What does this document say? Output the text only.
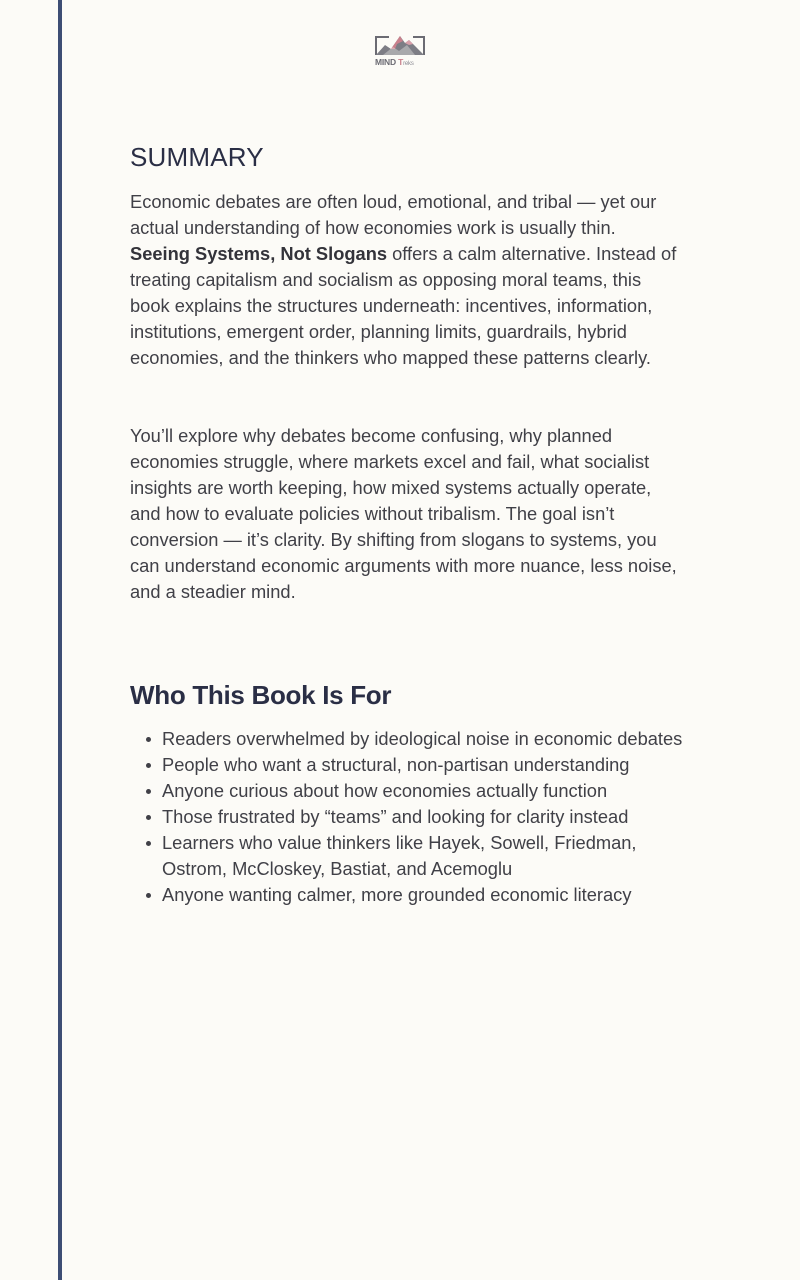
MIND Treks
SUMMARY

Economic debates are often loud, emotional, and tribal — yet our actual understanding of how economies work is usually thin. Seeing Systems, Not Slogans offers a calm alternative. Instead of treating capitalism and socialism as opposing moral teams, this book explains the structures underneath: incentives, information, institutions, emergent order, planning limits, guardrails, hybrid economies, and the thinkers who mapped these patterns clearly.

You’ll explore why debates become confusing, why planned economies struggle, where markets excel and fail, what socialist insights are worth keeping, how mixed systems actually operate, and how to evaluate policies without tribalism. The goal isn’t conversion — it’s clarity. By shifting from slogans to systems, you can understand economic arguments with more nuance, less noise, and a steadier mind.

Who This Book Is For
Readers overwhelmed by ideological noise in economic debates
People who want a structural, non-partisan understanding
Anyone curious about how economies actually function
Those frustrated by “teams” and looking for clarity instead
Learners who value thinkers like Hayek, Sowell, Friedman, Ostrom, McCloskey, Bastiat, and Acemoglu
Anyone wanting calmer, more grounded economic literacy
